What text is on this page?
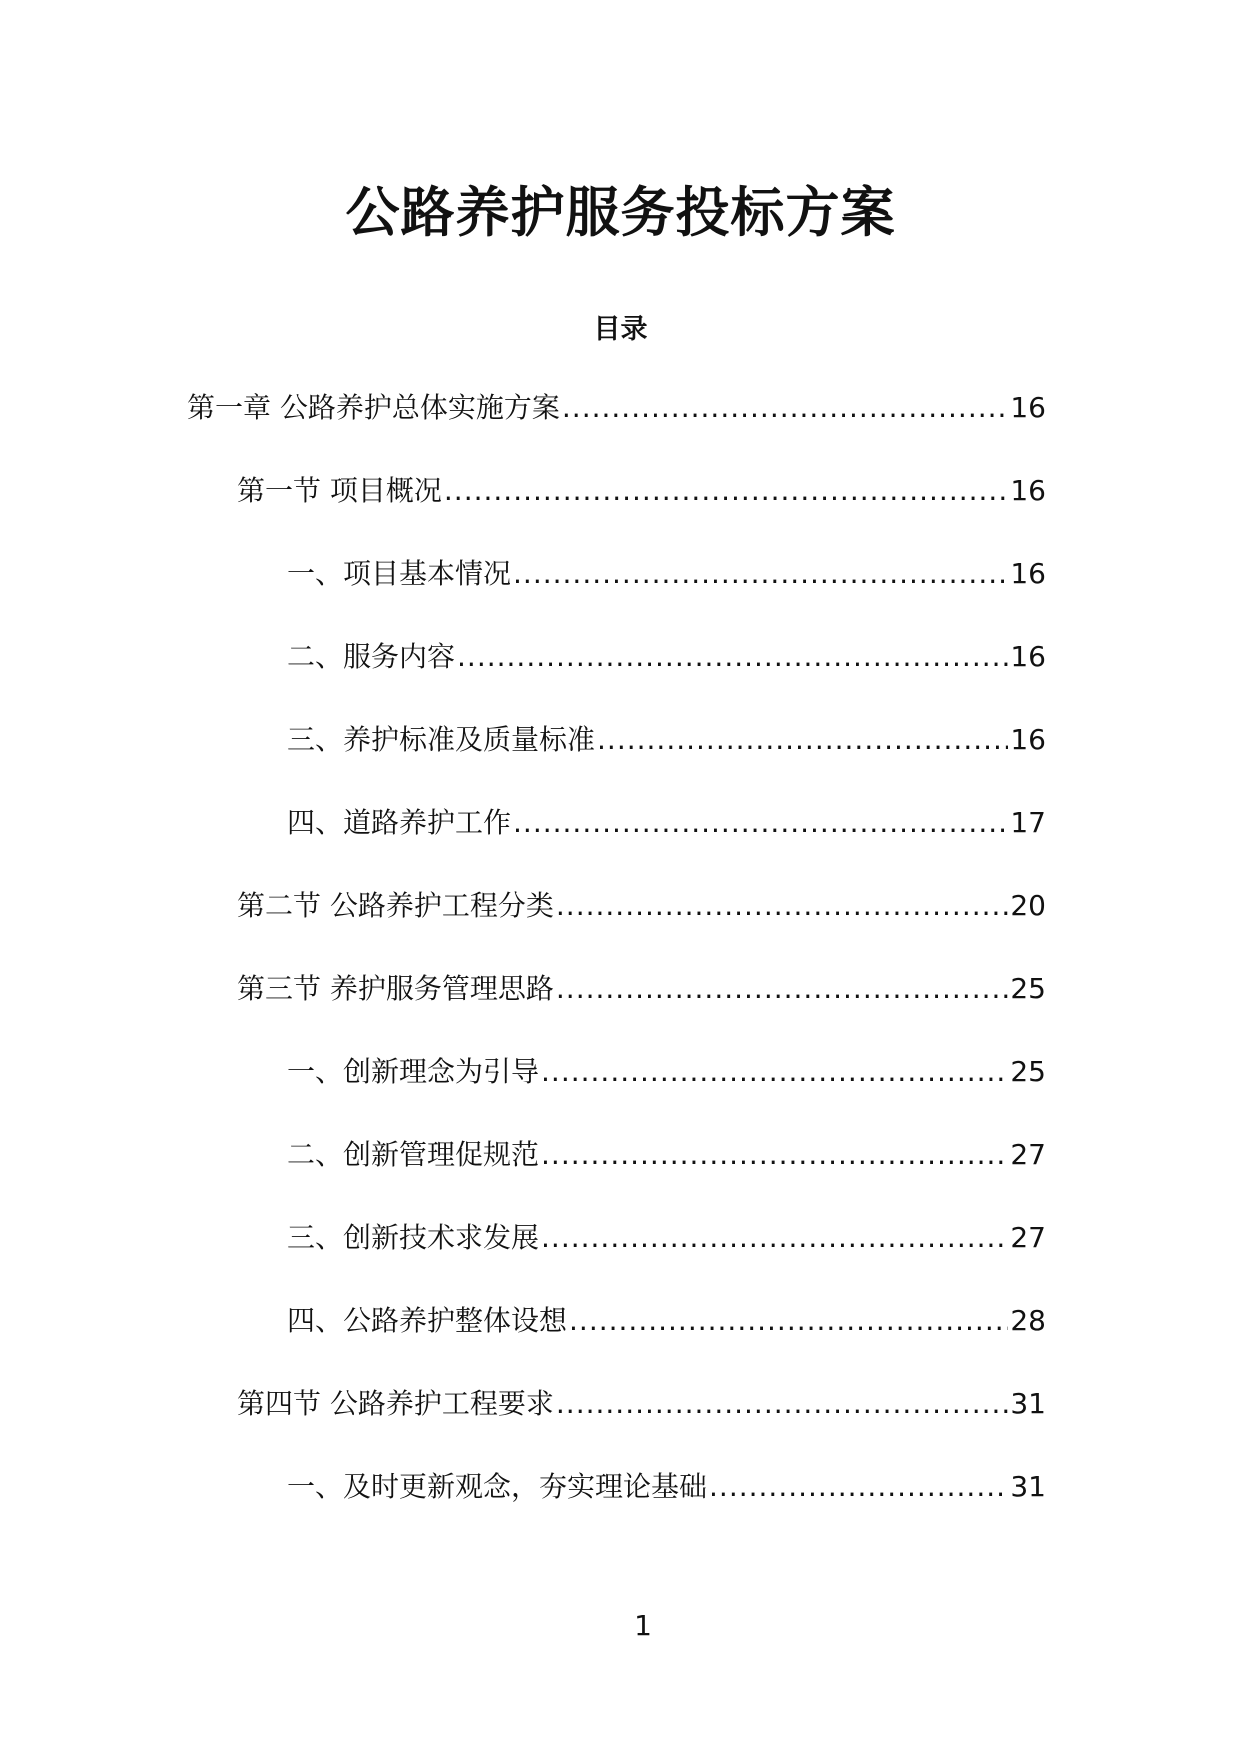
公路养护服务投标方案
目录
第一章 公路养护总体实施方案 .....	16
第一节 项目概况 .....	16
一、项目基本情况 .....	16
二、服务内容 .....	16
三、养护标准及质量标准 .....	16
四、道路养护工作 .....	17
第二节 公路养护工程分类 .....	20
第三节 养护服务管理思路 .....	25
一、创新理念为引导 .....	25
二、创新管理促规范 .....	27
三、创新技术求发展 .....	27
四、公路养护整体设想 .....	28
第四节 公路养护工程要求 .....	31
一、及时更新观念，夯实理论基础 .....	31
1
